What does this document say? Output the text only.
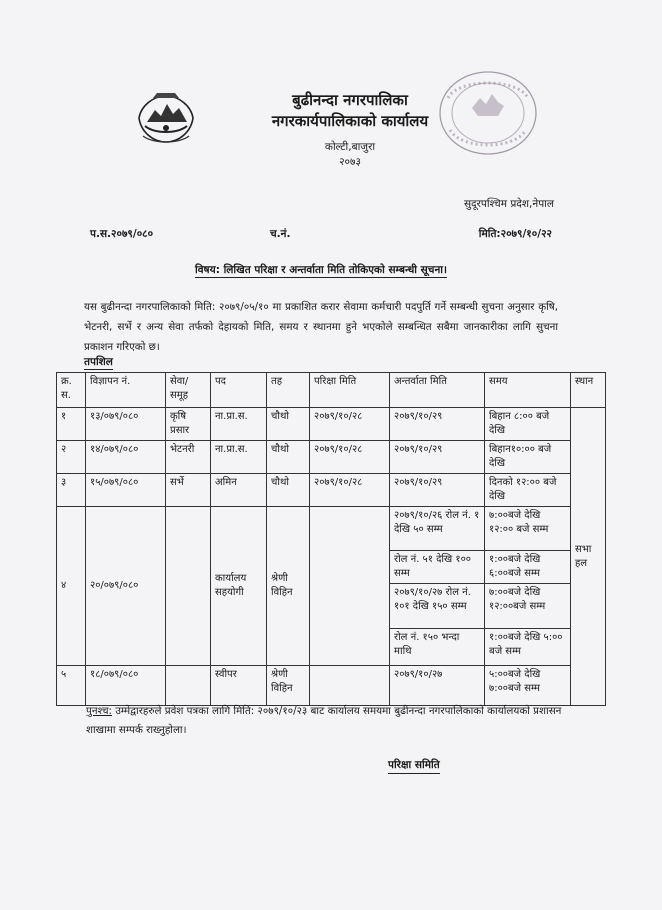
बुढीनन्दा नगरपालिका
नगरकार्यपालिकाको कार्यालय
कोल्टी,बाजुरा
२०७३
सुदूरपश्चिम प्रदेश,नेपाल
प.स.२०७९/०८०	च.नं.	मिति:२०७९/१०/२२
विषय: लिखित परिक्षा र अन्तर्वाता मिति तोकिएको सम्बन्धी सूचना।
यस बुढीनन्दा नगरपालिकाको मिति: २०७९/०५/१० मा प्रकाशित करार सेवामा कर्मचारी पदपुर्ति गर्ने सम्बन्धी सुचना अनुसार कृषि, भेटनरी, सर्भे र अन्य सेवा तर्फको देहायको मिति, समय र स्थानमा हुने भएकोले सम्बन्धित सबैमा जानकारीका लागि सुचना प्रकाशन गरिएको छ।
तपशिल
क्र. स.	विज्ञापन नं.	सेवा/ समूह	पद	तह	परिक्षा मिति	अन्तर्वाता मिति	समय	स्थान
१	१३/०७९/०८०	कृषि प्रसार	ना.प्रा.स.	चौथो	२०७९/१०/२८	२०७९/१०/२९	बिहान ८:०० बजे देखि	सभा हल
२	१४/०७९/०८०	भेटनरी	ना.प्रा.स.	चौथो	२०७९/१०/२८	२०७९/१०/२९	बिहान१०:०० बजे देखि	
३	१५/०७९/०८०	सर्भे	अमिन	चौथो	२०७९/१०/२८	२०७९/१०/२९	दिनको १२:०० बजे देखि	
४	२०/०७९/०८०		कार्यालय सहयोगी	श्रेणी विहिन		२०७९/१०/२६ रोल नं. १ देखि ५० सम्म	७:००बजे देखि १२:०० बजे सम्म	
						रोल नं. ५१ देखि १०० सम्म	१:००बजे देखि ६:००बजे सम्म	
						२०७९/१०/२७ रोल नं. १०१ देखि १५० सम्म	७:००बजे देखि १२:००बजे सम्म	
						रोल नं. १५० भन्दा माथि	१:००बजे देखि ५:०० बजे सम्म	
५	१८/०७९/०८०		स्वीपर	श्रेणी विहिन		२०७९/१०/२७	५:००बजे देखि ७:००बजे सम्म	
पुनश्च: उम्मेद्वारहरुले प्रवेश पत्रका लागि मिति: २०७९/१०/२३ बाट कार्यालय समयमा बुढीनन्दा नगरपालिकाको कार्यालयको प्रशासन शाखामा सम्पर्क राख्नुहोला।
परिक्षा समिति
